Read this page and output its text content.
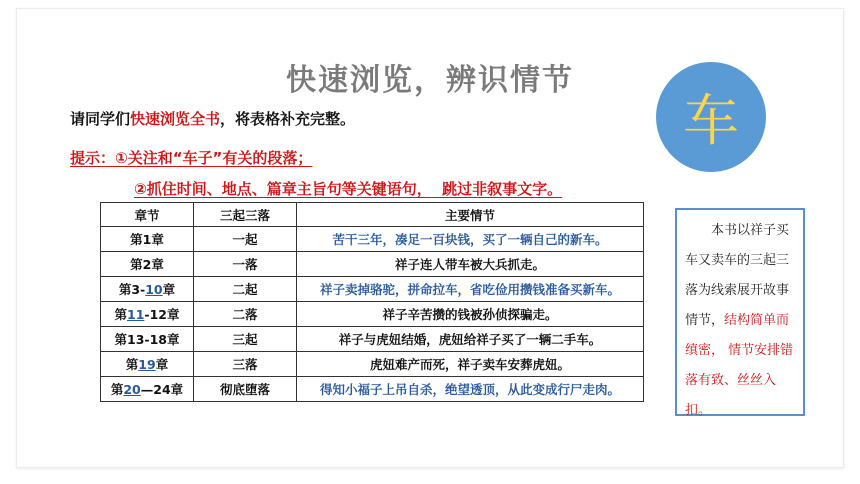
快速浏览，辨识情节
请同学们快速浏览全书，将表格补充完整。
提示：①关注和“车子”有关的段落；
②抓住时间、地点、篇章主旨句等关键语句，  跳过非叙事文字。
车
章节	三起三落	主要情节
第1章	一起	苦干三年，凑足一百块钱，买了一辆自己的新车。
第2章	一落	祥子连人带车被大兵抓走。
第3-10章	二起	祥子卖掉骆驼，拼命拉车，省吃俭用攒钱准备买新车。
第11-12章	二落	祥子辛苦攒的钱被孙侦探骗走。
第13-18章	三起	祥子与虎妞结婚，虎妞给祥子买了一辆二手车。
第19章	三落	虎妞难产而死，祥子卖车安葬虎妞。
第20—24章	彻底堕落	得知小福子上吊自杀，绝望透顶，从此变成行尸走肉。
　　本书以祥子买车又卖车的三起三落为线索展开故事情节，结构简单而缜密， 情节安排错落有致、丝丝入扣。
